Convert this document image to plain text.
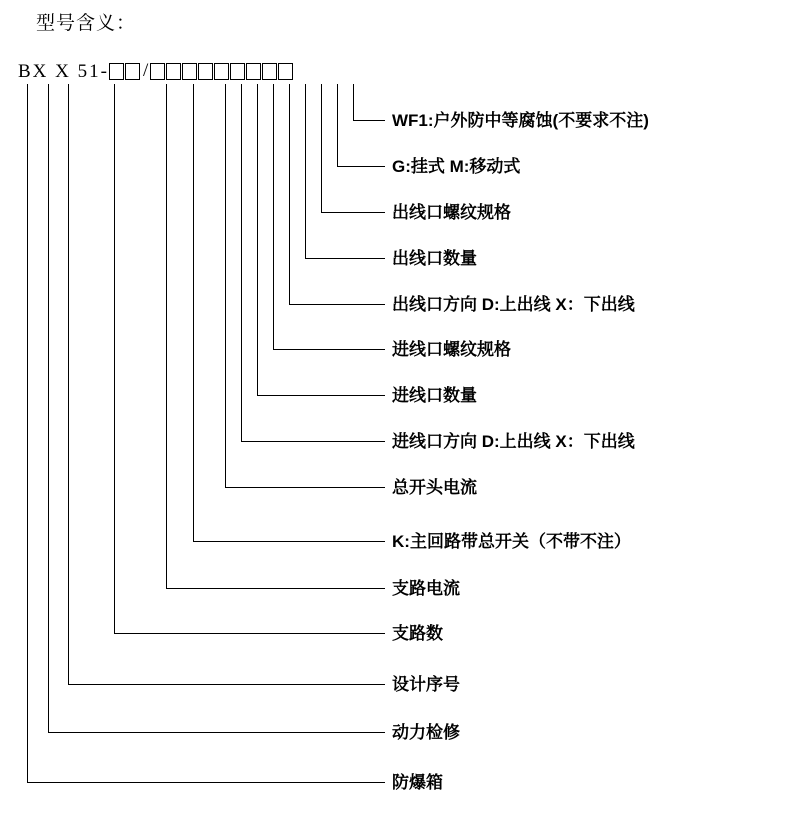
型号含义：
BX X 51- /
WF1:户外防中等腐蚀(不要求不注)
G:挂式 M:移动式
出线口螺纹规格
出线口数量
出线口方向 D:上出线 X：下出线
进线口螺纹规格
进线口数量
进线口方向 D:上出线 X：下出线
总开头电流
K:主回路带总开关（不带不注）
支路电流
支路数
设计序号
动力检修
防爆箱
